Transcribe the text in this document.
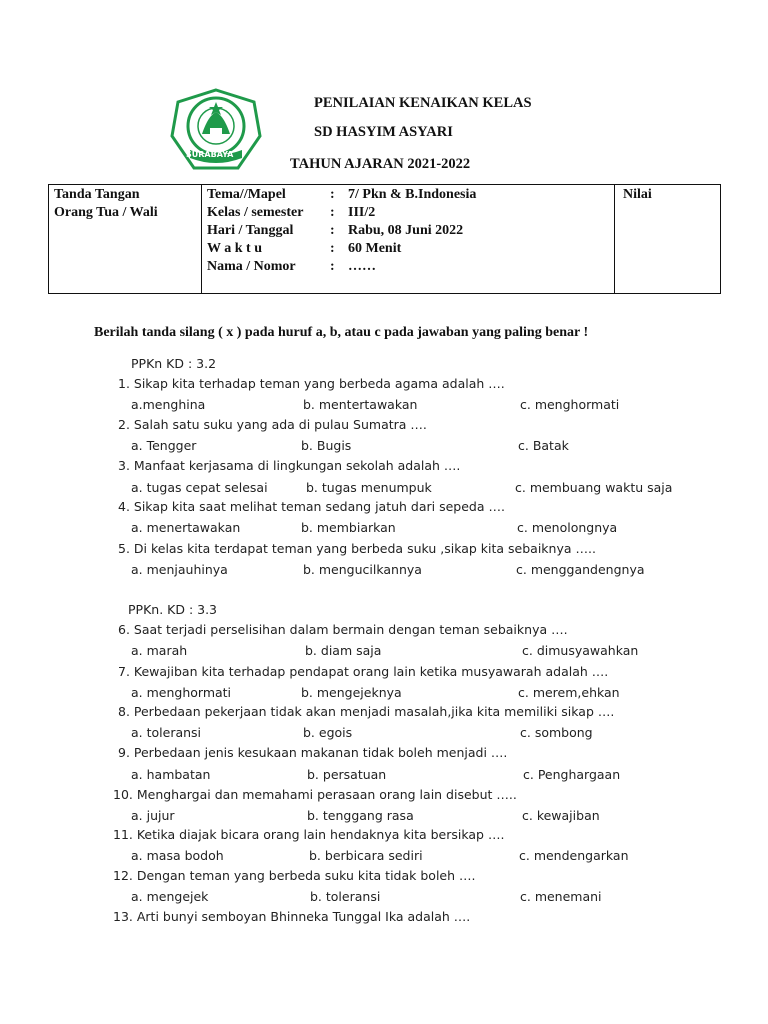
SURABAYA
PENILAIAN KENAIKAN KELAS
SD HASYIM ASYARI
TAHUN AJARAN 2021-2022
Tanda Tangan
Orang Tua / Wali

Tema//Mapel	: 7/ Pkn & B.Indonesia
Kelas / semester : III/2
Hari / Tanggal	: Rabu, 08 Juni 2022
W a k t u	: 60 Menit
Nama / Nomor : ……

Nilai
Berilah tanda silang ( x ) pada huruf a, b, atau c pada jawaban yang paling benar !
PPKn KD : 3.2
1. Sikap kita terhadap teman yang berbeda agama adalah ….
a.menghina	b. mentertawakan	c. menghormati
2. Salah satu suku yang ada di pulau Sumatra ….
a. Tengger	b. Bugis	c. Batak
3. Manfaat kerjasama di lingkungan sekolah adalah ….
a. tugas cepat selesai	b. tugas menumpuk	c. membuang waktu saja
4. Sikap kita saat melihat teman sedang jatuh dari sepeda ….
a. menertawakan	b. membiarkan	c. menolongnya
5. Di kelas kita terdapat teman yang berbeda suku ,sikap kita sebaiknya …..
a. menjauhinya	b. mengucilkannya	c. menggandengnya
PPKn. KD : 3.3
6. Saat terjadi perselisihan dalam bermain dengan teman sebaiknya ….
a. marah	b. diam saja	c. dimusyawahkan
7. Kewajiban kita terhadap pendapat orang lain ketika musyawarah adalah ….
a. menghormati	b. mengejeknya	c. merem,ehkan
8. Perbedaan pekerjaan tidak akan menjadi masalah,jika kita memiliki sikap ….
a. toleransi	b. egois	c. sombong
9. Perbedaan jenis kesukaan makanan tidak boleh menjadi ….
a. hambatan	b. persatuan	c. Penghargaan
10. Menghargai dan memahami perasaan orang lain disebut …..
a. jujur	b. tenggang rasa	c. kewajiban
11. Ketika diajak bicara orang lain hendaknya kita bersikap ….
a. masa bodoh	b. berbicara sediri	c. mendengarkan
12. Dengan teman yang berbeda suku kita tidak boleh ….
a. mengejek	b. toleransi	c. menemani
13. Arti bunyi semboyan Bhinneka Tunggal Ika adalah ….
